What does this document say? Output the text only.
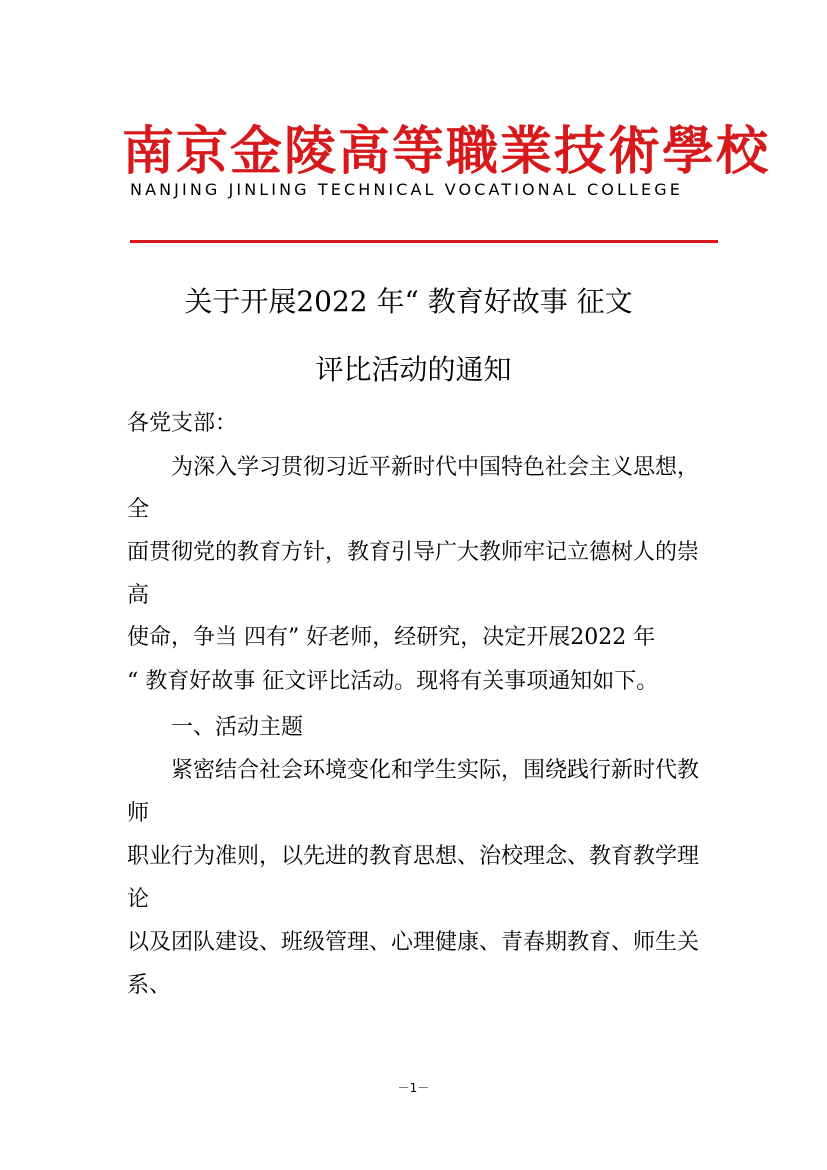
南京金陵高等職業技術學校
NANJING JINLING TECHNICAL VOCATIONAL COLLEGE
关于开展2022 年“ 教育好故事 征文
评比活动的通知
各党支部：
　　为深入学习贯彻习近平新时代中国特色社会主义思想，
全
面贯彻党的教育方针，教育引导广大教师牢记立德树人的崇
高
使命，争当 四有” 好老师，经研究，决定开展2022 年
“ 教育好故事 征文评比活动。现将有关事项通知如下。
　　一、活动主题
　　紧密结合社会环境变化和学生实际，围绕践行新时代教
师
职业行为准则，以先进的教育思想、治校理念、教育教学理
论
以及团队建设、班级管理、心理健康、青春期教育、师生关
系、
－1－
